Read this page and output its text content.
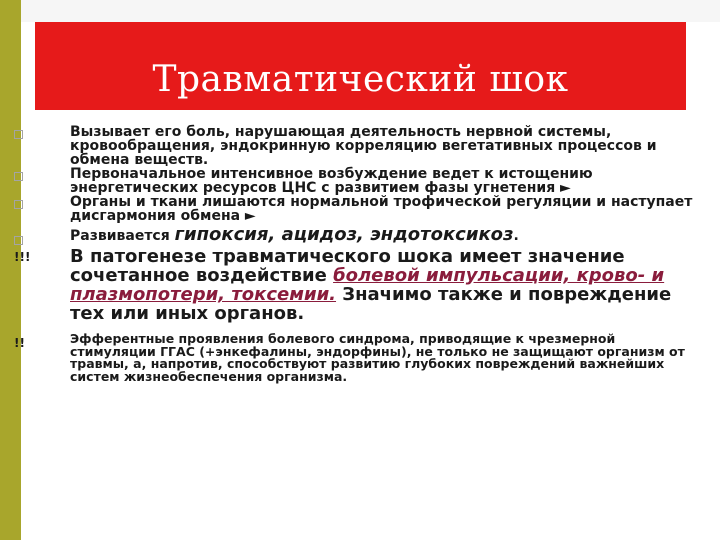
Травматический шок
Вызывает его боль, нарушающая деятельность нервной системы, кровообращения, эндокринную корреляцию вегетативных процессов и обмена веществ.
Первоначальное интенсивное возбуждение ведет к истощению энергетических ресурсов ЦНС с развитием фазы угнетения ►
Органы и ткани лишаются нормальной трофической регуляции и наступает дисгармония обмена ►
Развивается гипоксия, ацидоз, эндотоксикоз.
!!!	В патогенезе травматического шока имеет значение сочетанное воздействие болевой импульсации, крово- и плазмопотери, токсемии. Значимо также и повреждение тех или иных органов.
!!	Эфферентные проявления болевого синдрома, приводящие к чрезмерной стимуляции ГГАС (+энкефалины, эндорфины), не только не защищают организм от травмы, а, напротив, способствуют развитию глубоких повреждений важнейших систем жизнеобеспечения организма.
